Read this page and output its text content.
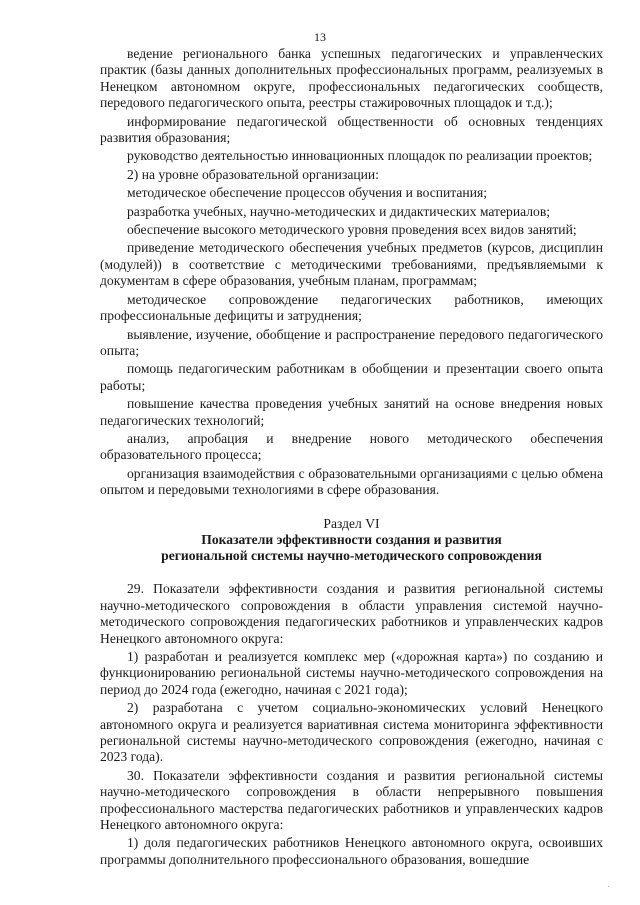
13
ведение регионального банка успешных педагогических и управленческих практик (базы данных дополнительных профессиональных программ, реализуемых в Ненецком автономном округе, профессиональных педагогических сообществ, передового педагогического опыта, реестры стажировочных площадок и т.д.);
информирование педагогической общественности об основных тенденциях развития образования;
руководство деятельностью инновационных площадок по реализации проектов;
2) на уровне образовательной организации:
методическое обеспечение процессов обучения и воспитания;
разработка учебных, научно-методических и дидактических материалов;
обеспечение высокого методического уровня проведения всех видов занятий;
приведение методического обеспечения учебных предметов (курсов, дисциплин (модулей)) в соответствие с методическими требованиями, предъявляемыми к документам в сфере образования, учебным планам, программам;
методическое сопровождение педагогических работников, имеющих профессиональные дефициты и затруднения;
выявление, изучение, обобщение и распространение передового педагогического опыта;
помощь педагогическим работникам в обобщении и презентации своего опыта работы;
повышение качества проведения учебных занятий на основе внедрения новых педагогических технологий;
анализ, апробация и внедрение нового методического обеспечения образовательного процесса;
организация взаимодействия с образовательными организациями с целью обмена опытом и передовыми технологиями в сфере образования.
Раздел VI
Показатели эффективности создания и развития
региональной системы научно-методического сопровождения
29. Показатели эффективности создания и развития региональной системы научно-методического сопровождения в области управления системой научно-методического сопровождения педагогических работников и управленческих кадров Ненецкого автономного округа:
1) разработан и реализуется комплекс мер («дорожная карта») по созданию и функционированию региональной системы научно-методического сопровождения на период до 2024 года (ежегодно, начиная с 2021 года);
2) разработана с учетом социально-экономических условий Ненецкого автономного округа и реализуется вариативная система мониторинга эффективности региональной системы научно-методического сопровождения (ежегодно, начиная с 2023 года).
30. Показатели эффективности создания и развития региональной системы научно-методического сопровождения в области непрерывного повышения профессионального мастерства педагогических работников и управленческих кадров Ненецкого автономного округа:
1) доля педагогических работников Ненецкого автономного округа, освоивших программы дополнительного профессионального образования, вошедшие
.
